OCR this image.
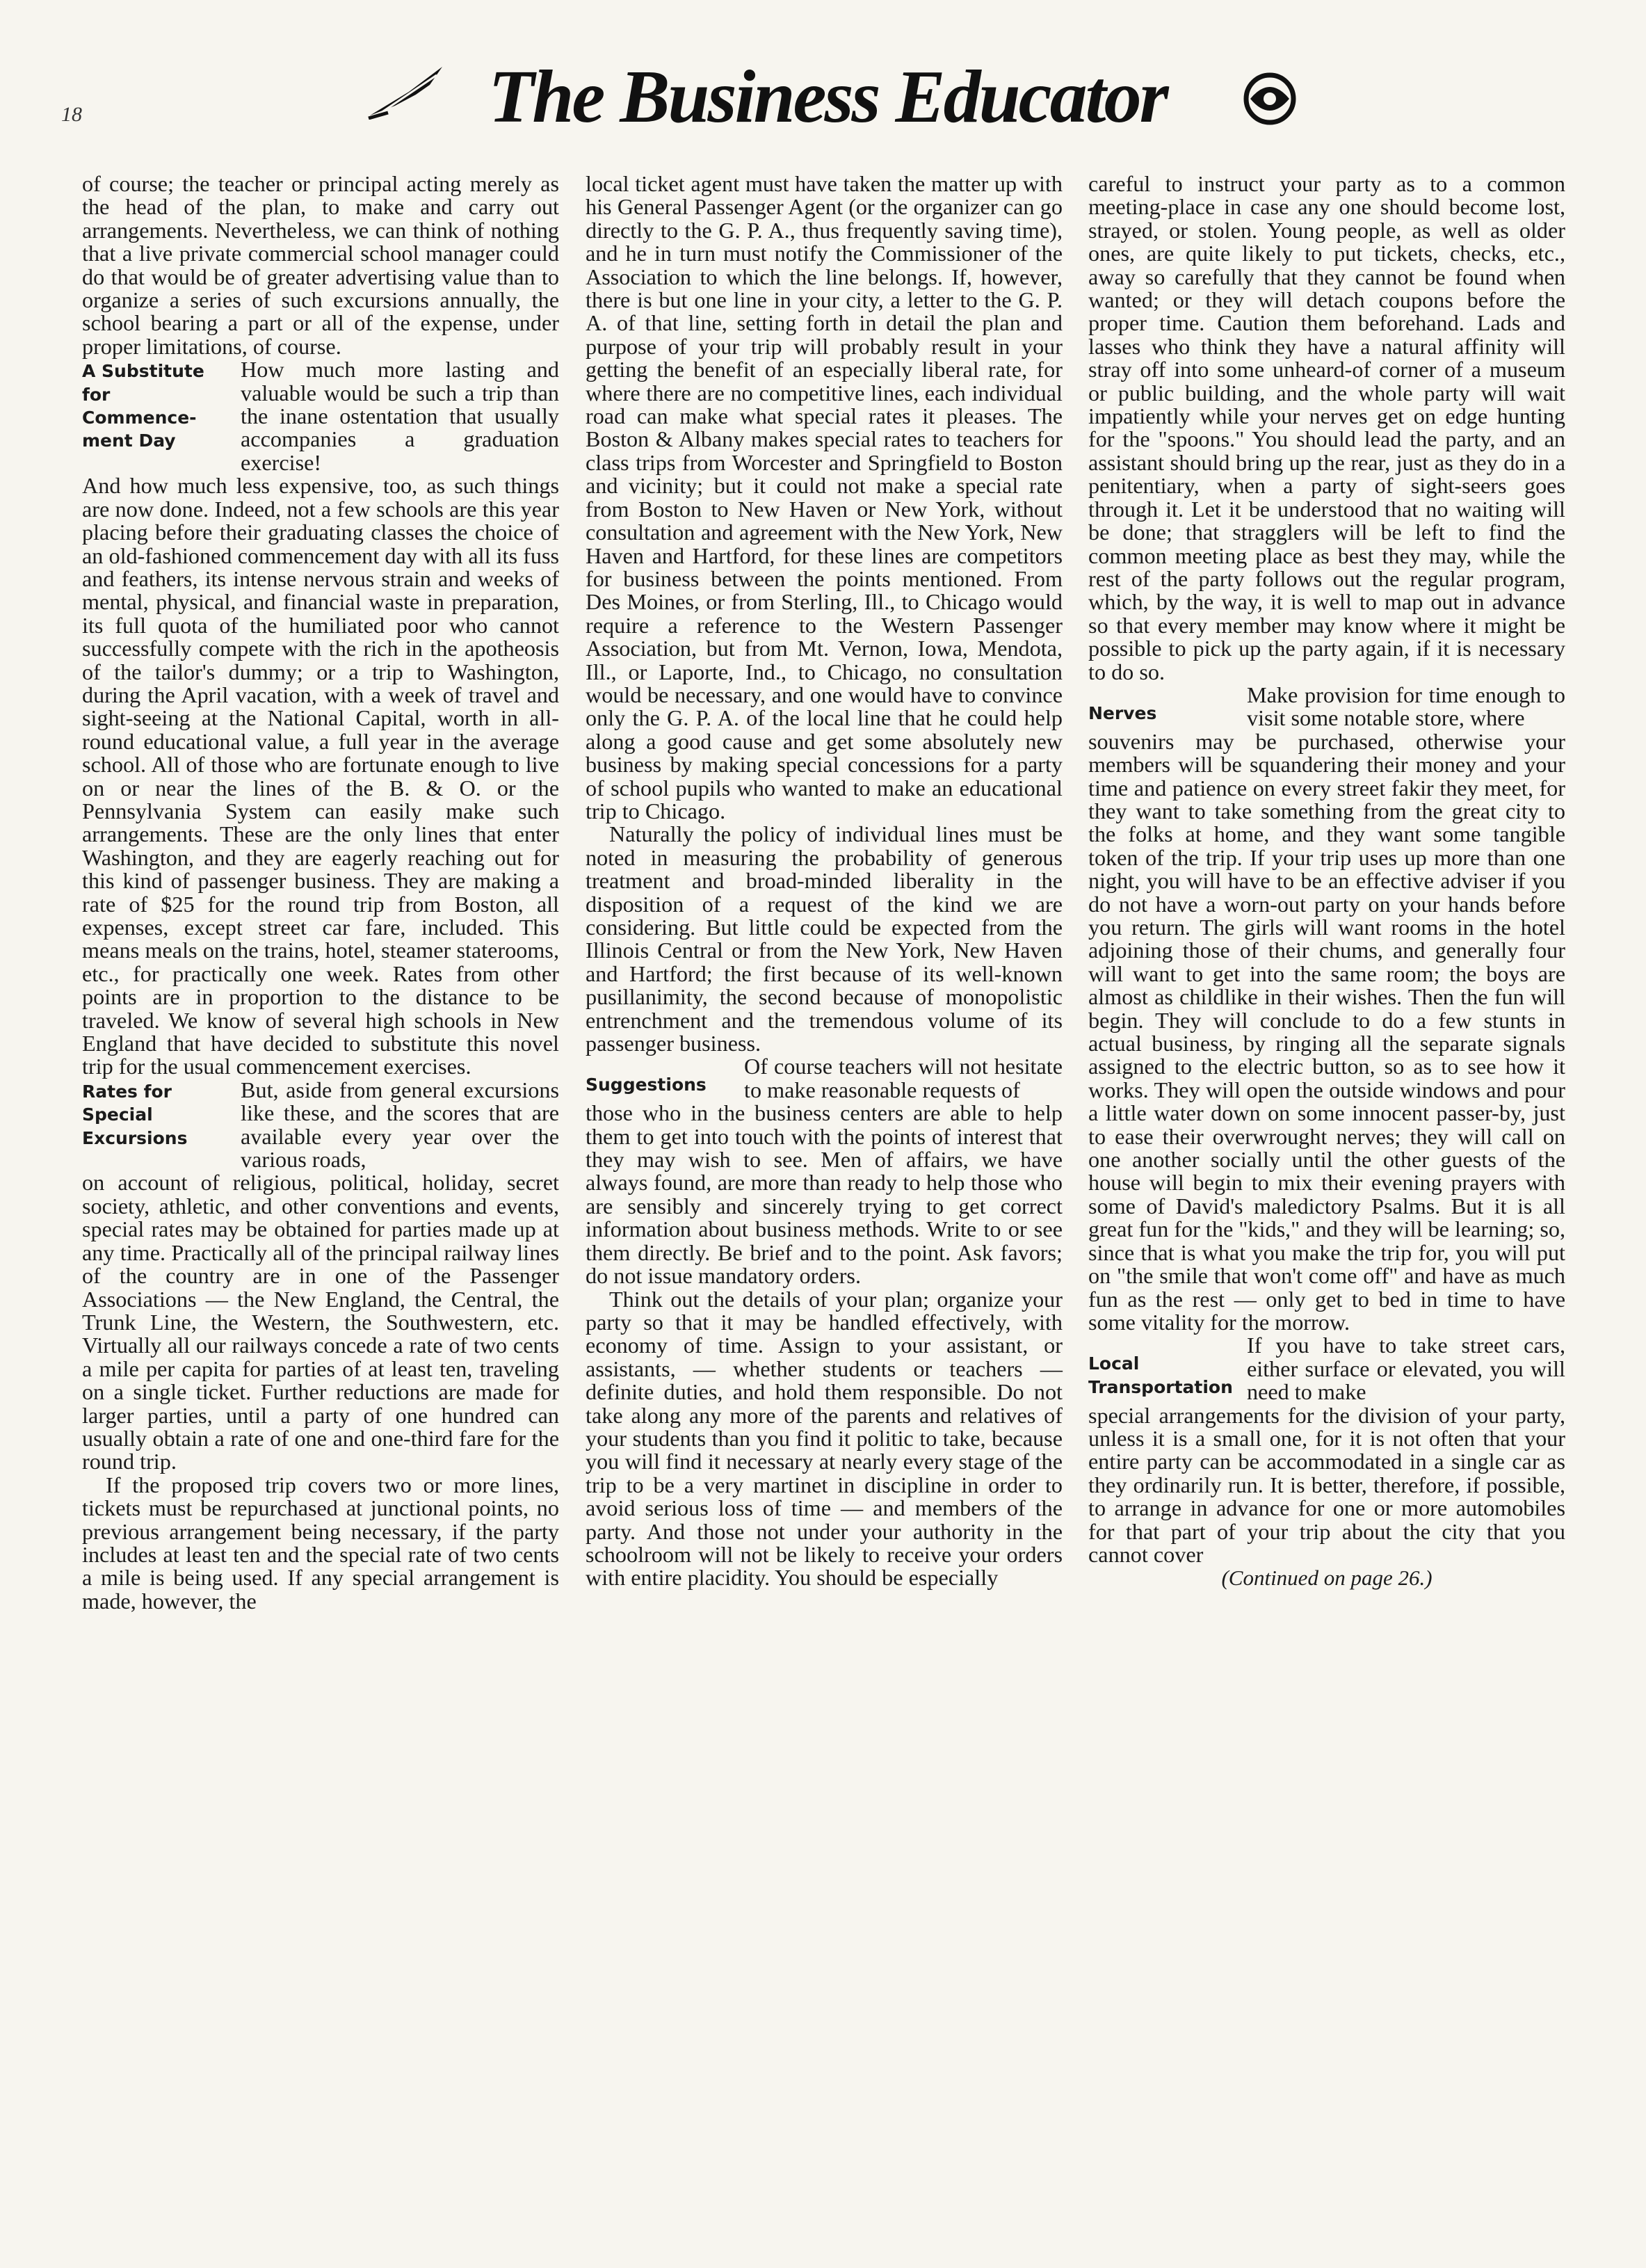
18	The Business Educator

of course; the teacher or principal acting merely as the head of the plan, to make and carry out arrangements. Nevertheless, we can think of nothing that a live private commercial school manager could do that would be of greater advertising value than to organize a series of such excursions annually, the school bearing a part or all of the expense, under proper limitations, of course.

A Substitute
for
Commence-
ment Day

How much more lasting and valuable would be such a trip than the inane ostentation that usually accompanies a graduation exercise!

And how much less expensive, too, as such things are now done. Indeed, not a few schools are this year placing before their graduating classes the choice of an old-fashioned commencement day with all its fuss and feathers, its intense nervous strain and weeks of mental, physical, and financial waste in preparation, its full quota of the humiliated poor who cannot successfully compete with the rich in the apotheosis of the tailor's dummy; or a trip to Washington, during the April vacation, with a week of travel and sight-seeing at the National Capital, worth in all-round educational value, a full year in the average school. All of those who are fortunate enough to live on or near the lines of the B. & O. or the Pennsylvania System can easily make such arrangements. These are the only lines that enter Washington, and they are eagerly reaching out for this kind of passenger business. They are making a rate of $25 for the round trip from Boston, all expenses, except street car fare, included. This means meals on the trains, hotel, steamer staterooms, etc., for practically one week. Rates from other points are in proportion to the distance to be traveled. We know of several high schools in New England that have decided to substitute this novel trip for the usual commencement exercises.

Rates for
Special
Excursions

But, aside from general excursions like these, and the scores that are available every year over the various roads,

on account of religious, political, holiday, secret society, athletic, and other conventions and events, special rates may be obtained for parties made up at any time. Practically all of the principal railway lines of the country are in one of the Passenger Associations — the New England, the Central, the Trunk Line, the Western, the Southwestern, etc. Virtually all our railways concede a rate of two cents a mile per capita for parties of at least ten, traveling on a single ticket. Further reductions are made for larger parties, until a party of one hundred can usually obtain a rate of one and one-third fare for the round trip.

If the proposed trip covers two or more lines, tickets must be repurchased at junctional points, no previous arrangement being necessary, if the party includes at least ten and the special rate of two cents a mile is being used. If any special arrangement is made, however, the

local ticket agent must have taken the matter up with his General Passenger Agent (or the organizer can go directly to the G. P. A., thus frequently saving time), and he in turn must notify the Commissioner of the Association to which the line belongs. If, however, there is but one line in your city, a letter to the G. P. A. of that line, setting forth in detail the plan and purpose of your trip will probably result in your getting the benefit of an especially liberal rate, for where there are no competitive lines, each individual road can make what special rates it pleases. The Boston & Albany makes special rates to teachers for class trips from Worcester and Springfield to Boston and vicinity; but it could not make a special rate from Boston to New Haven or New York, without consultation and agreement with the New York, New Haven and Hartford, for these lines are competitors for business between the points mentioned. From Des Moines, or from Sterling, Ill., to Chicago would require a reference to the Western Passenger Association, but from Mt. Vernon, Iowa, Mendota, Ill., or Laporte, Ind., to Chicago, no consultation would be necessary, and one would have to convince only the G. P. A. of the local line that he could help along a good cause and get some absolutely new business by making special concessions for a party of school pupils who wanted to make an educational trip to Chicago.

Naturally the policy of individual lines must be noted in measuring the probability of generous treatment and broad-minded liberality in the disposition of a request of the kind we are considering. But little could be expected from the Illinois Central or from the New York, New Haven and Hartford; the first because of its well-known pusillanimity, the second because of monopolistic entrenchment and the tremendous volume of its passenger business.

Suggestions

Of course teachers will not hesitate to make reasonable requests of

those who in the business centers are able to help them to get into touch with the points of interest that they may wish to see. Men of affairs, we have always found, are more than ready to help those who are sensibly and sincerely trying to get correct information about business methods. Write to or see them directly. Be brief and to the point. Ask favors; do not issue mandatory orders.

Think out the details of your plan; organize your party so that it may be handled effectively, with economy of time. Assign to your assistant, or assistants, — whether students or teachers — definite duties, and hold them responsible. Do not take along any more of the parents and relatives of your students than you find it politic to take, because you will find it necessary at nearly every stage of the trip to be a very martinet in discipline in order to avoid serious loss of time — and members of the party. And those not under your authority in the schoolroom will not be likely to receive your orders with entire placidity. You should be especially

careful to instruct your party as to a common meeting-place in case any one should become lost, strayed, or stolen. Young people, as well as older ones, are quite likely to put tickets, checks, etc., away so carefully that they cannot be found when wanted; or they will detach coupons before the proper time. Caution them beforehand. Lads and lasses who think they have a natural affinity will stray off into some unheard-of corner of a museum or public building, and the whole party will wait impatiently while your nerves get on edge hunting for the "spoons." You should lead the party, and an assistant should bring up the rear, just as they do in a penitentiary, when a party of sight-seers goes through it. Let it be understood that no waiting will be done; that stragglers will be left to find the common meeting place as best they may, while the rest of the party follows out the regular program, which, by the way, it is well to map out in advance so that every member may know where it might be possible to pick up the party again, if it is necessary to do so.

Nerves

Make provision for time enough to visit some notable store, where

souvenirs may be purchased, otherwise your members will be squandering their money and your time and patience on every street fakir they meet, for they want to take something from the great city to the folks at home, and they want some tangible token of the trip. If your trip uses up more than one night, you will have to be an effective adviser if you do not have a worn-out party on your hands before you return. The girls will want rooms in the hotel adjoining those of their chums, and generally four will want to get into the same room; the boys are almost as childlike in their wishes. Then the fun will begin. They will conclude to do a few stunts in actual business, by ringing all the separate signals assigned to the electric button, so as to see how it works. They will open the outside windows and pour a little water down on some innocent passer-by, just to ease their overwrought nerves; they will call on one another socially until the other guests of the house will begin to mix their evening prayers with some of David's maledictory Psalms. But it is all great fun for the "kids," and they will be learning; so, since that is what you make the trip for, you will put on "the smile that won't come off" and have as much fun as the rest — only get to bed in time to have some vitality for the morrow.

Local
Transportation

If you have to take street cars, either surface or elevated, you will need to make

special arrangements for the division of your party, unless it is a small one, for it is not often that your entire party can be accommodated in a single car as they ordinarily run. It is better, therefore, if possible, to arrange in advance for one or more automobiles for that part of your trip about the city that you cannot cover

(Continued on page 26.)
